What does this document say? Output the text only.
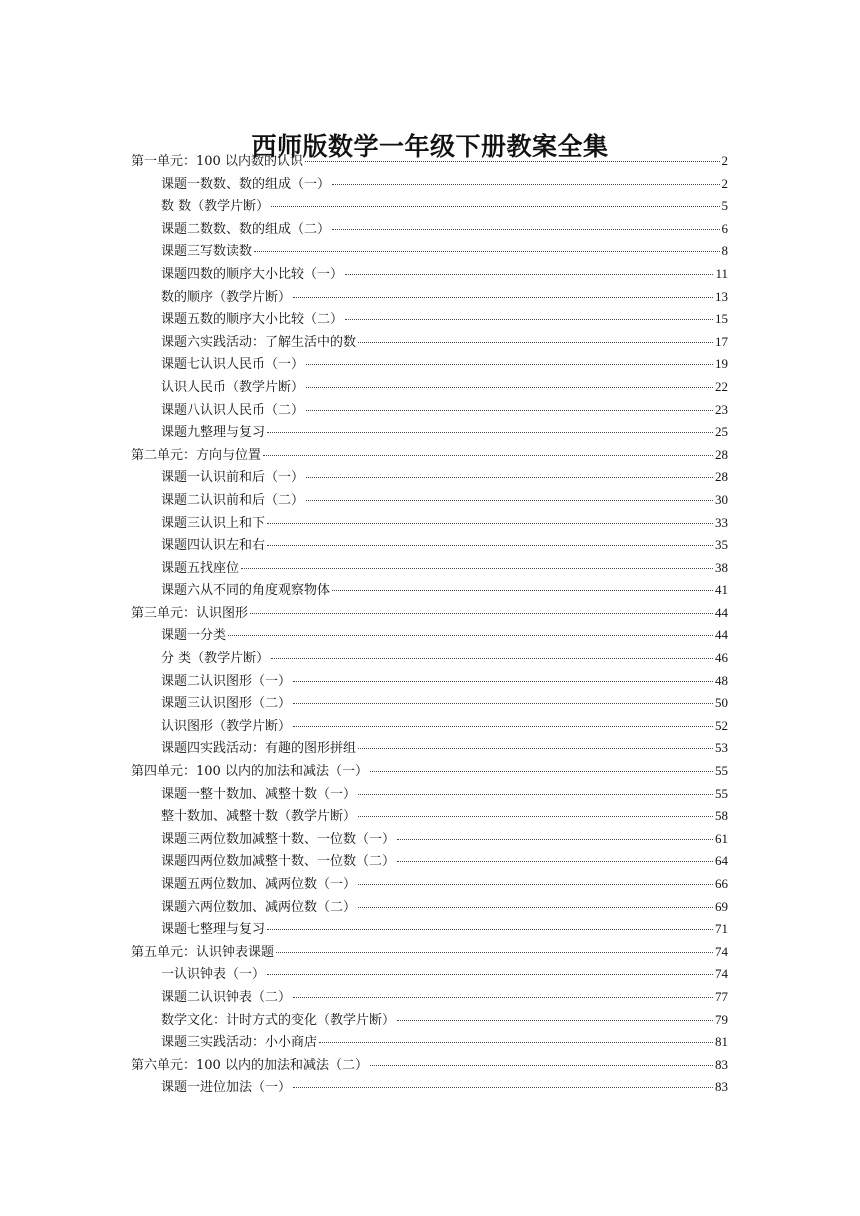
西师版数学一年级下册教案全集
第一单元：100 以内数的认识	2
课题一数数、数的组成（一）	2
数 数（教学片断）	5
课题二数数、数的组成（二）	6
课题三写数读数	8
课题四数的顺序大小比较（一）	11
数的顺序（教学片断）	13
课题五数的顺序大小比较（二）	15
课题六实践活动：了解生活中的数	17
课题七认识人民币（一）	19
认识人民币（教学片断）	22
课题八认识人民币（二）	23
课题九整理与复习	25
第二单元：方向与位置	28
课题一认识前和后（一）	28
课题二认识前和后（二）	30
课题三认识上和下	33
课题四认识左和右	35
课题五找座位	38
课题六从不同的角度观察物体	41
第三单元：认识图形	44
课题一分类	44
分 类（教学片断）	46
课题二认识图形（一）	48
课题三认识图形（二）	50
认识图形（教学片断）	52
课题四实践活动：有趣的图形拼组	53
第四单元：100 以内的加法和减法（一）	55
课题一整十数加、减整十数（一）	55
整十数加、减整十数（教学片断）	58
课题三两位数加减整十数、一位数（一）	61
课题四两位数加减整十数、一位数（二）	64
课题五两位数加、减两位数（一）	66
课题六两位数加、减两位数（二）	69
课题七整理与复习	71
第五单元：认识钟表课题	74
一认识钟表（一）	74
课题二认识钟表（二）	77
数学文化：计时方式的变化（教学片断）	79
课题三实践活动：小小商店	81
第六单元：100 以内的加法和减法（二）	83
课题一进位加法（一）	83
